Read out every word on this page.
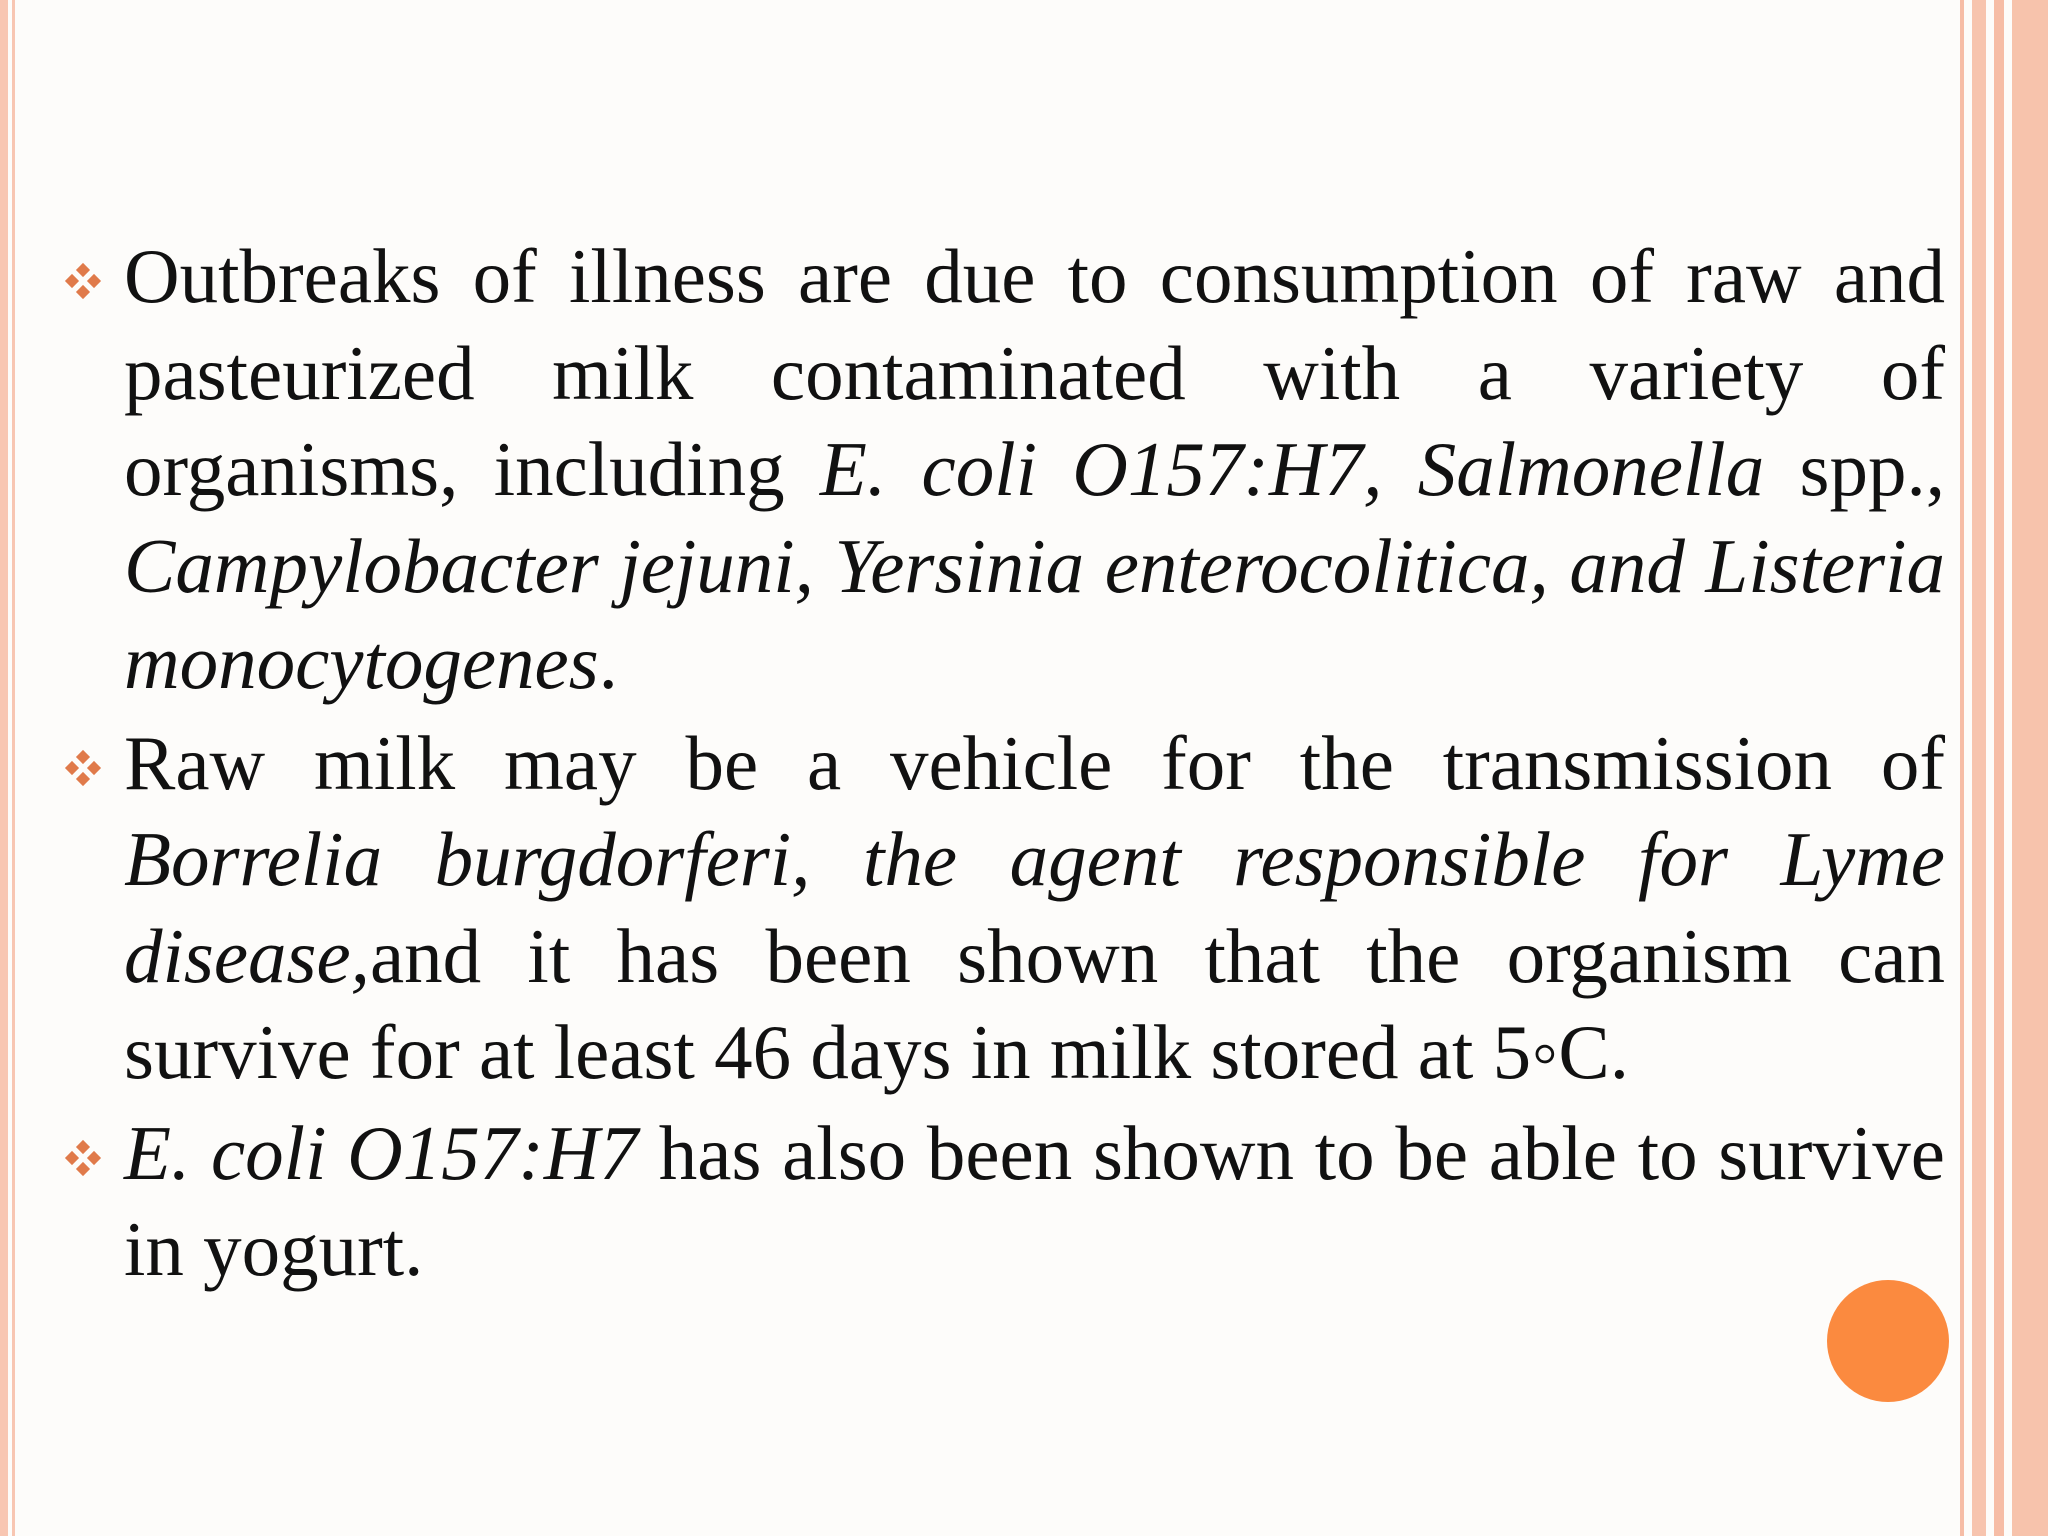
Outbreaks of illness are due to consumption of raw and pasteurized milk contaminated with a variety of organisms, including E. coli O157:H7, Salmonella spp., Campylobacter jejuni, Yersinia enterocolitica, and Listeria monocytogenes.
Raw milk may be a vehicle for the transmission of Borrelia burgdorferi, the agent responsible for Lyme disease,and it has been shown that the organism can survive for at least 46 days in milk stored at 5◦C.
E. coli O157:H7 has also been shown to be able to survive in yogurt.
